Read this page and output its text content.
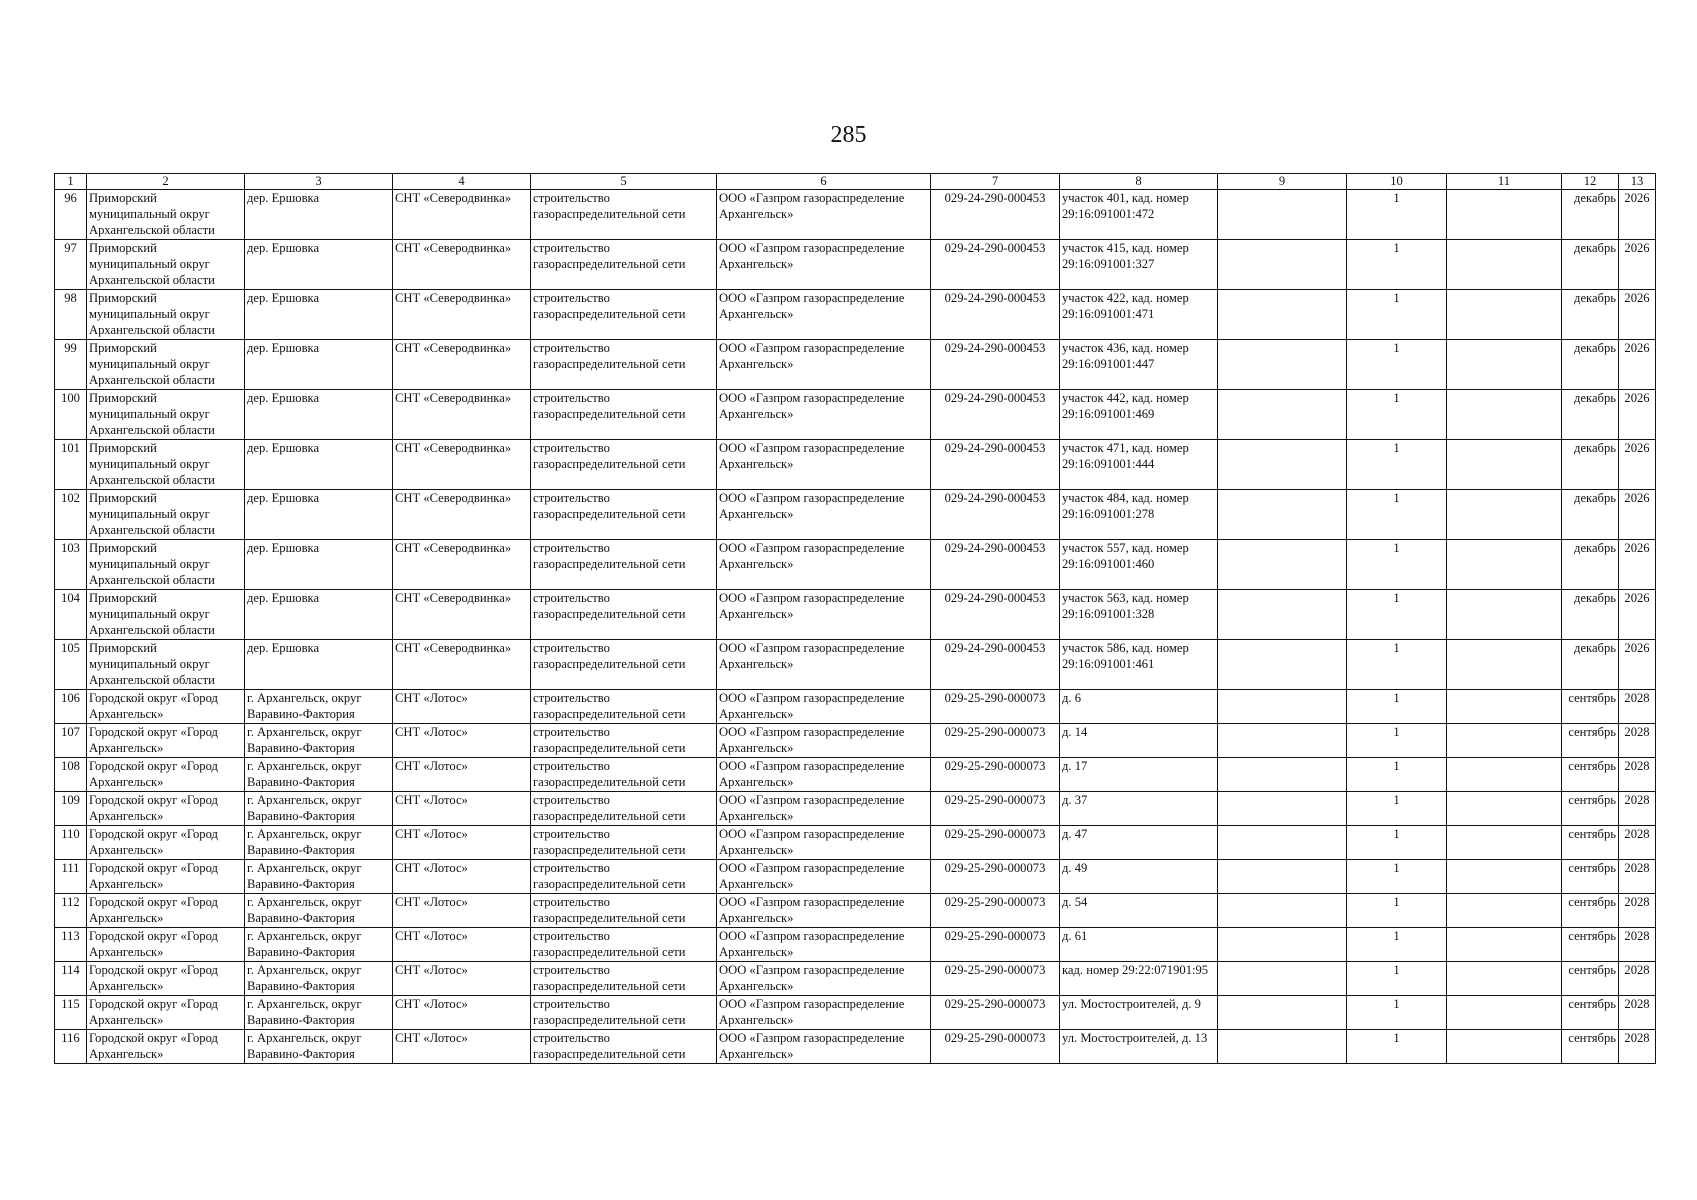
285
1	2	3	4	5	6	7	8	9	10	11	12	13
96	Приморский муниципальный округ Архангельской области	дер. Ершовка	СНТ «Северодвинка»	строительство газораспределительной сети	ООО «Газпром газораспределение Архангельск»	029-24-290-000453	участок 401, кад. номер 29:16:091001:472		1		декабрь	2026
97	Приморский муниципальный округ Архангельской области	дер. Ершовка	СНТ «Северодвинка»	строительство газораспределительной сети	ООО «Газпром газораспределение Архангельск»	029-24-290-000453	участок 415, кад. номер 29:16:091001:327		1		декабрь	2026
98	Приморский муниципальный округ Архангельской области	дер. Ершовка	СНТ «Северодвинка»	строительство газораспределительной сети	ООО «Газпром газораспределение Архангельск»	029-24-290-000453	участок 422, кад. номер 29:16:091001:471		1		декабрь	2026
99	Приморский муниципальный округ Архангельской области	дер. Ершовка	СНТ «Северодвинка»	строительство газораспределительной сети	ООО «Газпром газораспределение Архангельск»	029-24-290-000453	участок 436, кад. номер 29:16:091001:447		1		декабрь	2026
100	Приморский муниципальный округ Архангельской области	дер. Ершовка	СНТ «Северодвинка»	строительство газораспределительной сети	ООО «Газпром газораспределение Архангельск»	029-24-290-000453	участок 442, кад. номер 29:16:091001:469		1		декабрь	2026
101	Приморский муниципальный округ Архангельской области	дер. Ершовка	СНТ «Северодвинка»	строительство газораспределительной сети	ООО «Газпром газораспределение Архангельск»	029-24-290-000453	участок 471, кад. номер 29:16:091001:444		1		декабрь	2026
102	Приморский муниципальный округ Архангельской области	дер. Ершовка	СНТ «Северодвинка»	строительство газораспределительной сети	ООО «Газпром газораспределение Архангельск»	029-24-290-000453	участок 484, кад. номер 29:16:091001:278		1		декабрь	2026
103	Приморский муниципальный округ Архангельской области	дер. Ершовка	СНТ «Северодвинка»	строительство газораспределительной сети	ООО «Газпром газораспределение Архангельск»	029-24-290-000453	участок 557, кад. номер 29:16:091001:460		1		декабрь	2026
104	Приморский муниципальный округ Архангельской области	дер. Ершовка	СНТ «Северодвинка»	строительство газораспределительной сети	ООО «Газпром газораспределение Архангельск»	029-24-290-000453	участок 563, кад. номер 29:16:091001:328		1		декабрь	2026
105	Приморский муниципальный округ Архангельской области	дер. Ершовка	СНТ «Северодвинка»	строительство газораспределительной сети	ООО «Газпром газораспределение Архангельск»	029-24-290-000453	участок 586, кад. номер 29:16:091001:461		1		декабрь	2026
106	Городской округ «Город Архангельск»	г. Архангельск, округ Варавино-Фактория	СНТ «Лотос»	строительство газораспределительной сети	ООО «Газпром газораспределение Архангельск»	029-25-290-000073	д. 6		1		сентябрь	2028
107	Городской округ «Город Архангельск»	г. Архангельск, округ Варавино-Фактория	СНТ «Лотос»	строительство газораспределительной сети	ООО «Газпром газораспределение Архангельск»	029-25-290-000073	д. 14		1		сентябрь	2028
108	Городской округ «Город Архангельск»	г. Архангельск, округ Варавино-Фактория	СНТ «Лотос»	строительство газораспределительной сети	ООО «Газпром газораспределение Архангельск»	029-25-290-000073	д. 17		1		сентябрь	2028
109	Городской округ «Город Архангельск»	г. Архангельск, округ Варавино-Фактория	СНТ «Лотос»	строительство газораспределительной сети	ООО «Газпром газораспределение Архангельск»	029-25-290-000073	д. 37		1		сентябрь	2028
110	Городской округ «Город Архангельск»	г. Архангельск, округ Варавино-Фактория	СНТ «Лотос»	строительство газораспределительной сети	ООО «Газпром газораспределение Архангельск»	029-25-290-000073	д. 47		1		сентябрь	2028
111	Городской округ «Город Архангельск»	г. Архангельск, округ Варавино-Фактория	СНТ «Лотос»	строительство газораспределительной сети	ООО «Газпром газораспределение Архангельск»	029-25-290-000073	д. 49		1		сентябрь	2028
112	Городской округ «Город Архангельск»	г. Архангельск, округ Варавино-Фактория	СНТ «Лотос»	строительство газораспределительной сети	ООО «Газпром газораспределение Архангельск»	029-25-290-000073	д. 54		1		сентябрь	2028
113	Городской округ «Город Архангельск»	г. Архангельск, округ Варавино-Фактория	СНТ «Лотос»	строительство газораспределительной сети	ООО «Газпром газораспределение Архангельск»	029-25-290-000073	д. 61		1		сентябрь	2028
114	Городской округ «Город Архангельск»	г. Архангельск, округ Варавино-Фактория	СНТ «Лотос»	строительство газораспределительной сети	ООО «Газпром газораспределение Архангельск»	029-25-290-000073	кад. номер 29:22:071901:95		1		сентябрь	2028
115	Городской округ «Город Архангельск»	г. Архангельск, округ Варавино-Фактория	СНТ «Лотос»	строительство газораспределительной сети	ООО «Газпром газораспределение Архангельск»	029-25-290-000073	ул. Мостостроителей, д. 9		1		сентябрь	2028
116	Городской округ «Город Архангельск»	г. Архангельск, округ Варавино-Фактория	СНТ «Лотос»	строительство газораспределительной сети	ООО «Газпром газораспределение Архангельск»	029-25-290-000073	ул. Мостостроителей, д. 13		1		сентябрь	2028
